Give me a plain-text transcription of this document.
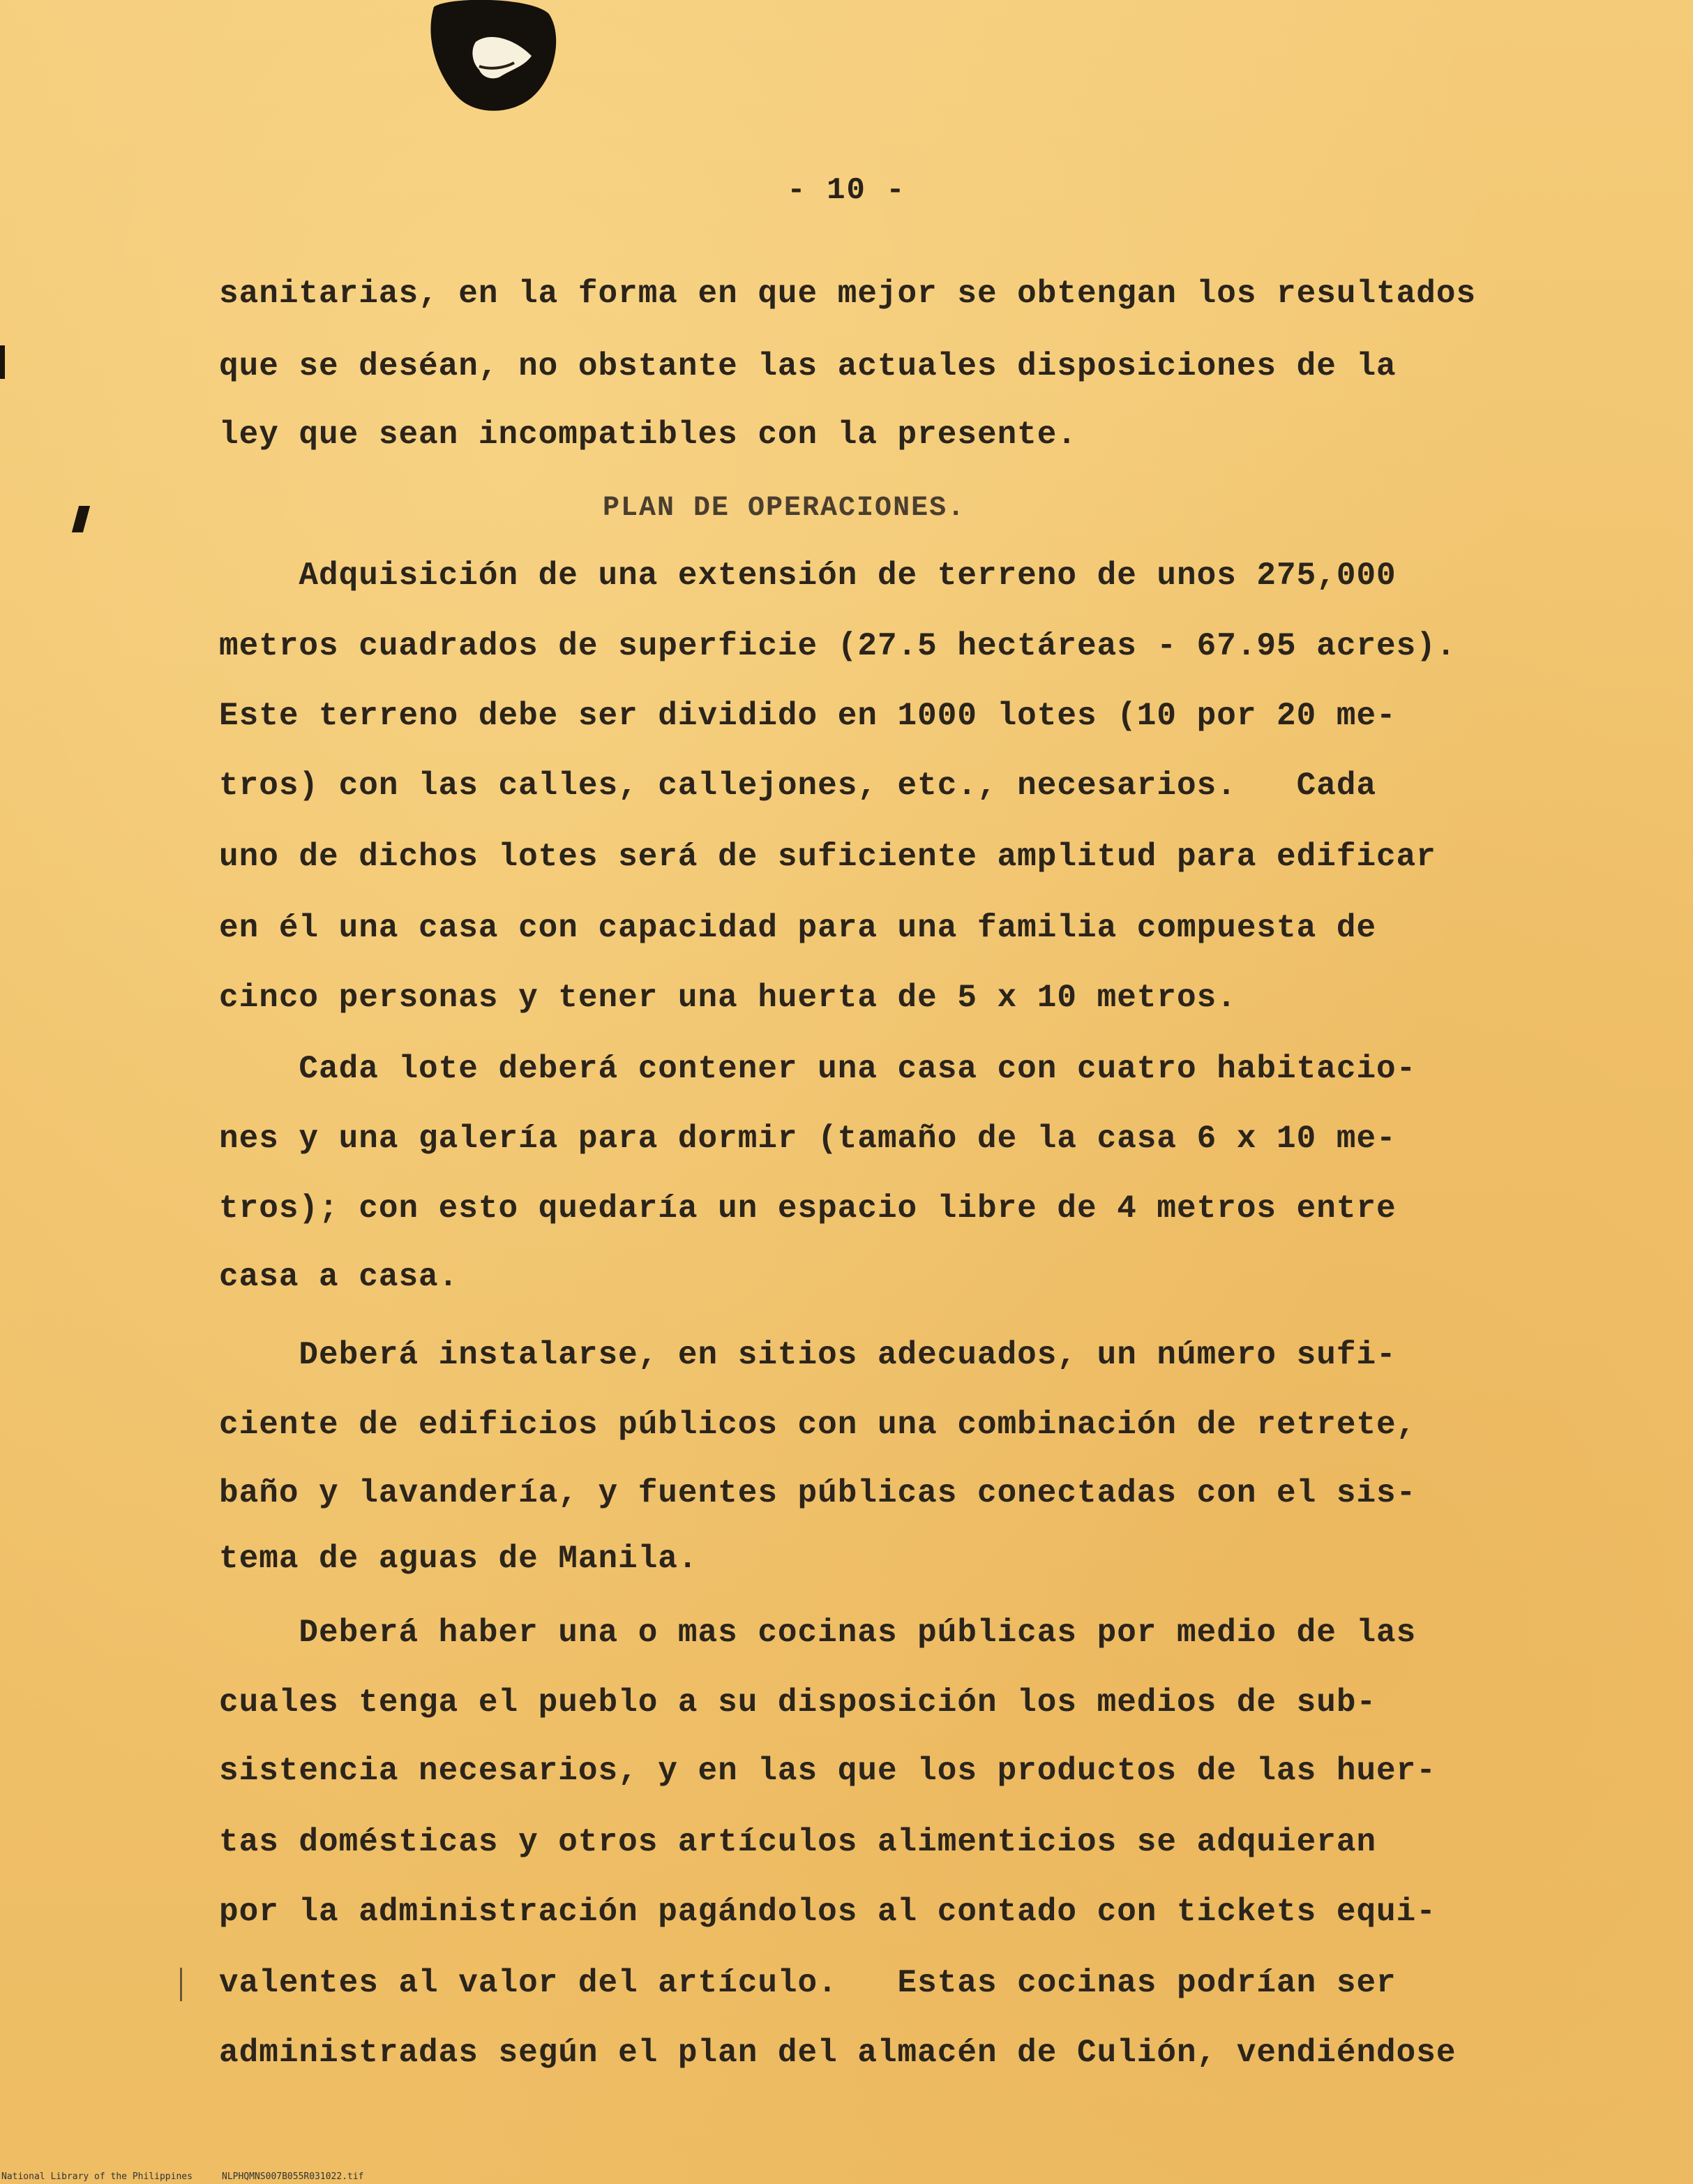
- 10 -
sanitarias, en la forma en que mejor se obtengan los resultados
que se deséan, no obstante las actuales disposiciones de la
ley que sean incompatibles con la presente.
PLAN DE OPERACIONES.
Adquisición de una extensión de terreno de unos 275,000
metros cuadrados de superficie (27.5 hectáreas - 67.95 acres).
Este terreno debe ser dividido en 1000 lotes (10 por 20 me-
tros) con las calles, callejones, etc., necesarios.   Cada
uno de dichos lotes será de suficiente amplitud para edificar
en él una casa con capacidad para una familia compuesta de
cinco personas y tener una huerta de 5 x 10 metros.
Cada lote deberá contener una casa con cuatro habitacio-
nes y una galería para dormir (tamaño de la casa 6 x 10 me-
tros); con esto quedaría un espacio libre de 4 metros entre
casa a casa.
Deberá instalarse, en sitios adecuados, un número sufi-
ciente de edificios públicos con una combinación de retrete,
baño y lavandería, y fuentes públicas conectadas con el sis-
tema de aguas de Manila.
Deberá haber una o mas cocinas públicas por medio de las
cuales tenga el pueblo a su disposición los medios de sub-
sistencia necesarios, y en las que los productos de las huer-
tas domésticas y otros artículos alimenticios se adquieran
por la administración pagándolos al contado con tickets equi-
valentes al valor del artículo.   Estas cocinas podrían ser
administradas según el plan del almacén de Culión, vendiéndose
National Library of the Philippines	NLPHQMNS007B055R031022.tif
